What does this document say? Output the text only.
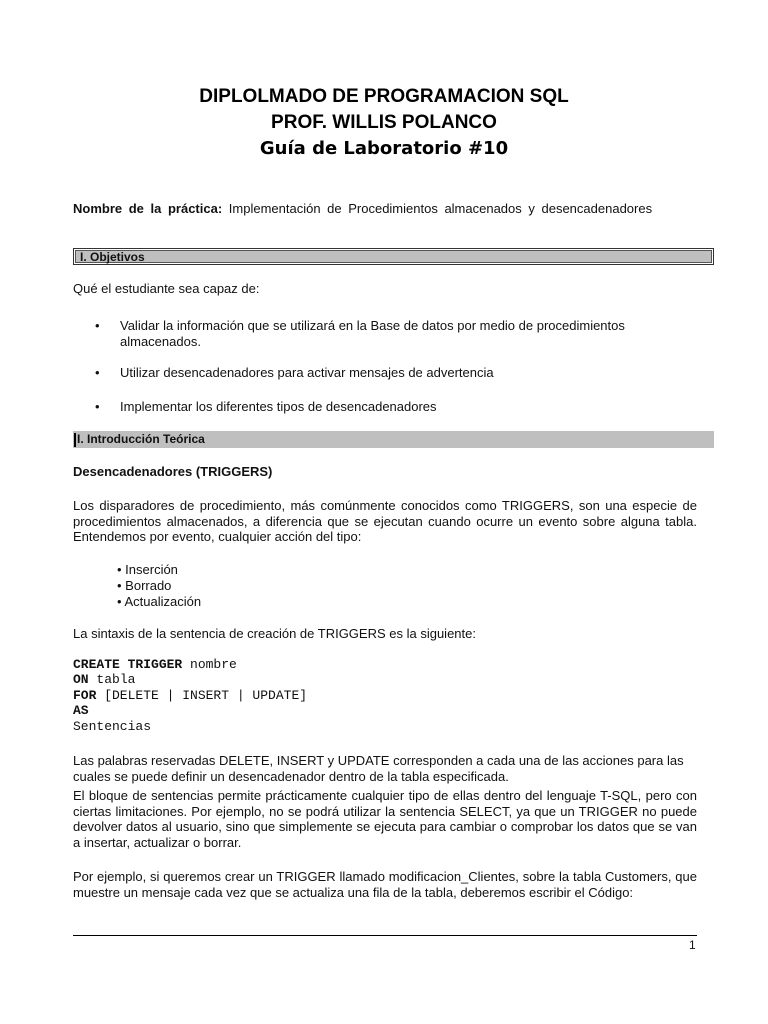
DIPLOLMADO DE PROGRAMACION SQL
PROF. WILLIS POLANCO
Guía de Laboratorio #10
Nombre de la práctica: Implementación de Procedimientos almacenados y desencadenadores
I. Objetivos
Qué el estudiante sea capaz de:
• Validar la información que se utilizará en la Base de datos por medio de procedimientos almacenados.
• Utilizar desencadenadores para activar mensajes de advertencia
• Implementar los diferentes tipos de desencadenadores
I. Introducción Teórica
Desencadenadores (TRIGGERS)
Los disparadores de procedimiento, más comúnmente conocidos como TRIGGERS, son una especie de procedimientos almacenados, a diferencia que se ejecutan cuando ocurre un evento sobre alguna tabla. Entendemos por evento, cualquier acción del tipo:
• Inserción
• Borrado
• Actualización
La sintaxis de la sentencia de creación de TRIGGERS es la siguiente:
CREATE TRIGGER nombre
ON tabla
FOR [DELETE | INSERT | UPDATE]
AS
Sentencias
Las palabras reservadas DELETE, INSERT y UPDATE corresponden a cada una de las acciones para las cuales se puede definir un desencadenador dentro de la tabla especificada.
El bloque de sentencias permite prácticamente cualquier tipo de ellas dentro del lenguaje T-SQL, pero con ciertas limitaciones. Por ejemplo, no se podrá utilizar la sentencia SELECT, ya que un TRIGGER no puede devolver datos al usuario, sino que simplemente se ejecuta para cambiar o comprobar los datos que se van a insertar, actualizar o borrar.
Por ejemplo, si queremos crear un TRIGGER llamado modificacion_Clientes, sobre la tabla Customers, que muestre un mensaje cada vez que se actualiza una fila de la tabla, deberemos escribir el Código:
1
